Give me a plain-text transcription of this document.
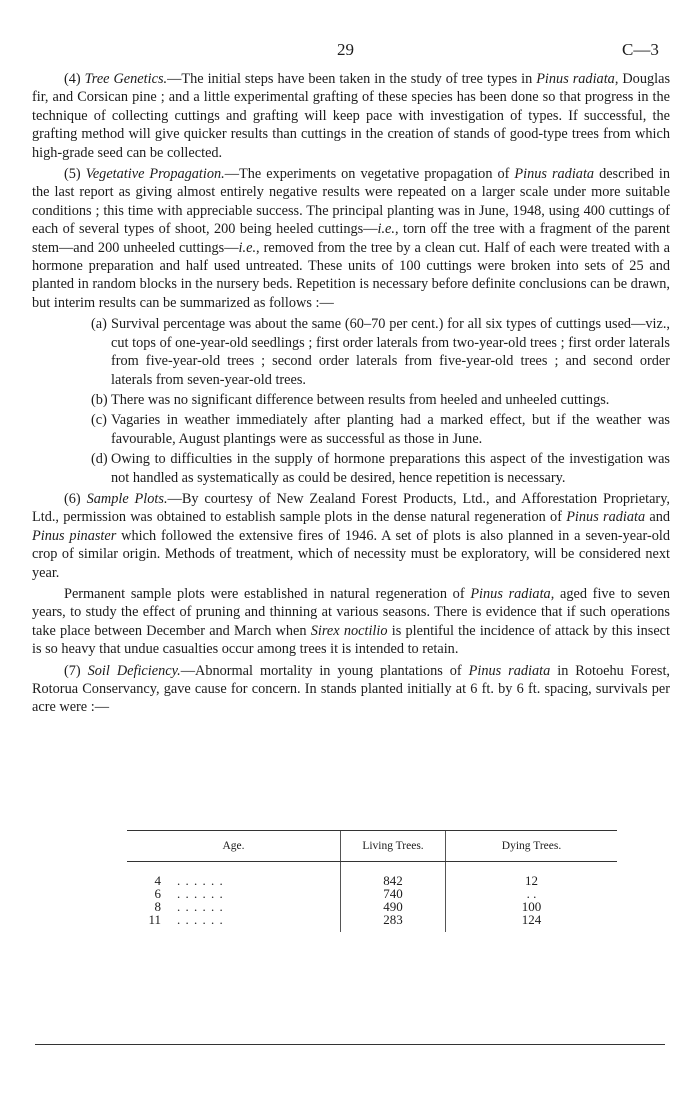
29	C—3

(4) Tree Genetics.—The initial steps have been taken in the study of tree types in Pinus radiata, Douglas fir, and Corsican pine ; and a little experimental grafting of these species has been done so that progress in the technique of collecting cuttings and grafting will keep pace with investigation of types. If successful, the grafting method will give quicker results than cuttings in the creation of stands of good-type trees from which high-grade seed can be collected.

(5) Vegetative Propagation.—The experiments on vegetative propagation of Pinus radiata described in the last report as giving almost entirely negative results were repeated on a larger scale under more suitable conditions ; this time with appreciable success. The principal planting was in June, 1948, using 400 cuttings of each of several types of shoot, 200 being heeled cuttings—i.e., torn off the tree with a fragment of the parent stem—and 200 unheeled cuttings—i.e., removed from the tree by a clean cut. Half of each were treated with a hormone preparation and half used untreated. These units of 100 cuttings were broken into sets of 25 and planted in random blocks in the nursery beds. Repetition is necessary before definite conclusions can be drawn, but interim results can be summarized as follows :—

(a) Survival percentage was about the same (60–70 per cent.) for all six types of cuttings used—viz., cut tops of one-year-old seedlings ; first order laterals from two-year-old trees ; first order laterals from five-year-old trees ; second order laterals from five-year-old trees ; and second order laterals from seven-year-old trees.

(b) There was no significant difference between results from heeled and unheeled cuttings.

(c) Vagaries in weather immediately after planting had a marked effect, but if the weather was favourable, August plantings were as successful as those in June.

(d) Owing to difficulties in the supply of hormone preparations this aspect of the investigation was not handled as systematically as could be desired, hence repetition is necessary.

(6) Sample Plots.—By courtesy of New Zealand Forest Products, Ltd., and Afforestation Proprietary, Ltd., permission was obtained to establish sample plots in the dense natural regeneration of Pinus radiata and Pinus pinaster which followed the extensive fires of 1946. A set of plots is also planned in a seven-year-old crop of similar origin. Methods of treatment, which of necessity must be exploratory, will be considered next year.

Permanent sample plots were established in natural regeneration of Pinus radiata, aged five to seven years, to study the effect of pruning and thinning at various seasons. There is evidence that if such operations take place between December and March when Sirex noctilio is plentiful the incidence of attack by this insect is so heavy that undue casualties occur among trees it is intended to retain.

(7) Soil Deficiency.—Abnormal mortality in young plantations of Pinus radiata in Rotoehu Forest, Rotorua Conservancy, gave cause for concern. In stands planted initially at 6 ft. by 6 ft. spacing, survivals per acre were :—

Age.	Living Trees.	Dying Trees.

4 . . . . . .	842	12
6 . . . . . .	740	. .
8 . . . . . .	490	100
11 . . . . . .	283	124
